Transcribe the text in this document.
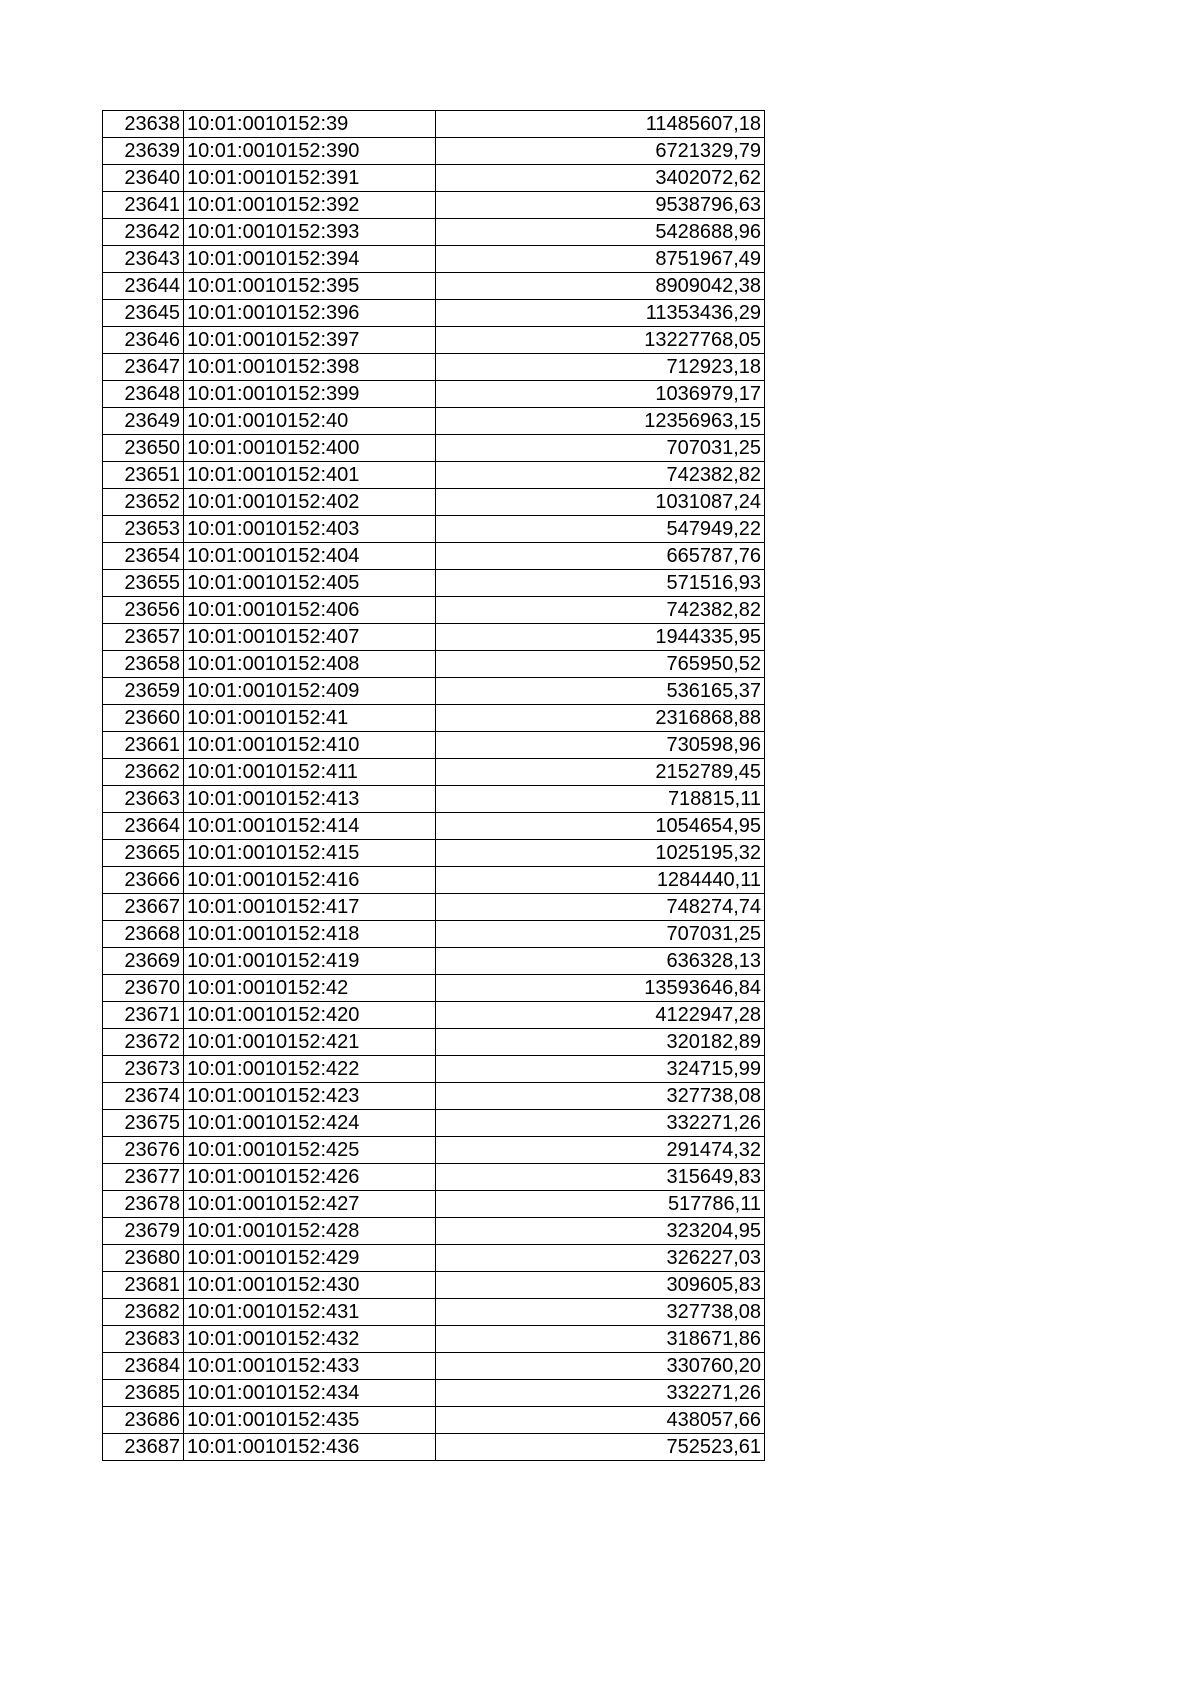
23638	10:01:0010152:39	11485607,18
23639	10:01:0010152:390	6721329,79
23640	10:01:0010152:391	3402072,62
23641	10:01:0010152:392	9538796,63
23642	10:01:0010152:393	5428688,96
23643	10:01:0010152:394	8751967,49
23644	10:01:0010152:395	8909042,38
23645	10:01:0010152:396	11353436,29
23646	10:01:0010152:397	13227768,05
23647	10:01:0010152:398	712923,18
23648	10:01:0010152:399	1036979,17
23649	10:01:0010152:40	12356963,15
23650	10:01:0010152:400	707031,25
23651	10:01:0010152:401	742382,82
23652	10:01:0010152:402	1031087,24
23653	10:01:0010152:403	547949,22
23654	10:01:0010152:404	665787,76
23655	10:01:0010152:405	571516,93
23656	10:01:0010152:406	742382,82
23657	10:01:0010152:407	1944335,95
23658	10:01:0010152:408	765950,52
23659	10:01:0010152:409	536165,37
23660	10:01:0010152:41	2316868,88
23661	10:01:0010152:410	730598,96
23662	10:01:0010152:411	2152789,45
23663	10:01:0010152:413	718815,11
23664	10:01:0010152:414	1054654,95
23665	10:01:0010152:415	1025195,32
23666	10:01:0010152:416	1284440,11
23667	10:01:0010152:417	748274,74
23668	10:01:0010152:418	707031,25
23669	10:01:0010152:419	636328,13
23670	10:01:0010152:42	13593646,84
23671	10:01:0010152:420	4122947,28
23672	10:01:0010152:421	320182,89
23673	10:01:0010152:422	324715,99
23674	10:01:0010152:423	327738,08
23675	10:01:0010152:424	332271,26
23676	10:01:0010152:425	291474,32
23677	10:01:0010152:426	315649,83
23678	10:01:0010152:427	517786,11
23679	10:01:0010152:428	323204,95
23680	10:01:0010152:429	326227,03
23681	10:01:0010152:430	309605,83
23682	10:01:0010152:431	327738,08
23683	10:01:0010152:432	318671,86
23684	10:01:0010152:433	330760,20
23685	10:01:0010152:434	332271,26
23686	10:01:0010152:435	438057,66
23687	10:01:0010152:436	752523,61
